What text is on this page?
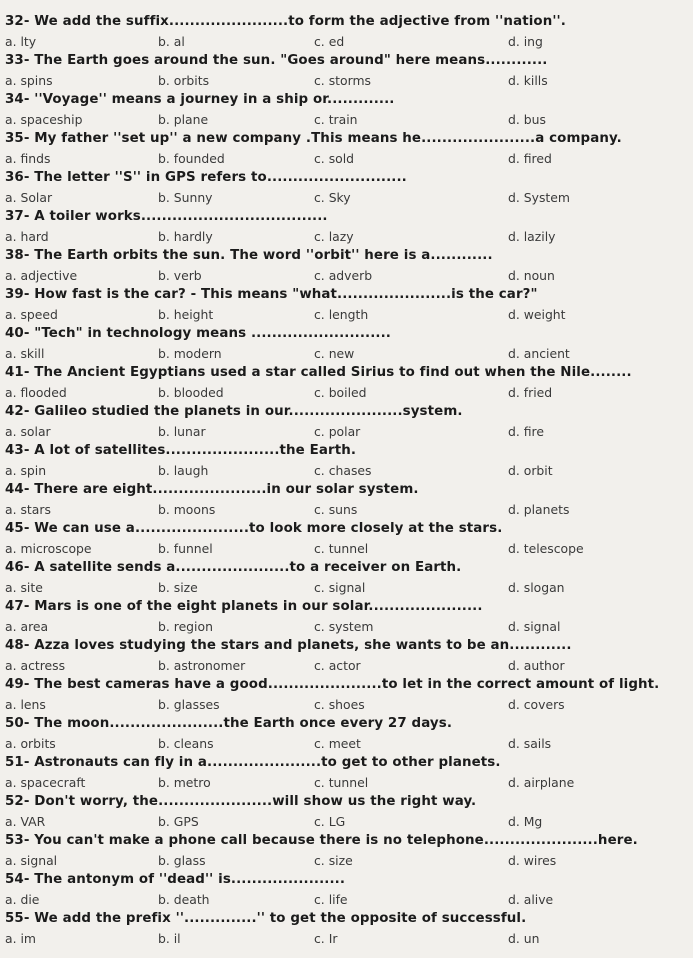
32- We add the suffix.......................to form the adjective from ''nation''.
a. lty	b. al	c. ed	d. ing
33- The Earth goes around the sun. "Goes around" here means............
a. spins	b. orbits	c. storms	d. kills
34- ''Voyage'' means a journey in a ship or.............
a. spaceship	b. plane	c. train	d. bus
35- My father ''set up'' a new company .This means he......................a company.
a. finds	b. founded	c. sold	d. fired
36- The letter ''S'' in GPS refers to...........................
a. Solar	b. Sunny	c. Sky	d. System
37- A toiler works....................................
a. hard	b. hardly	c. lazy	d. lazily
38- The Earth orbits the sun. The word ''orbit'' here is a............
a. adjective	b. verb	c. adverb	d. noun
39- How fast is the car? - This means "what......................is the car?"
a. speed	b. height	c. length	d. weight
40- "Tech" in technology means ...........................
a. skill	b. modern	c. new	d. ancient
41- The Ancient Egyptians used a star called Sirius to find out when the Nile........
a. flooded	b. blooded	c. boiled	d. fried
42- Galileo studied the planets in our......................system.
a. solar	b. lunar	c. polar	d. fire
43- A lot of satellites......................the Earth.
a. spin	b. laugh	c. chases	d. orbit
44- There are eight......................in our solar system.
a. stars	b. moons	c. suns	d. planets
45- We can use a......................to look more closely at the stars.
a. microscope	b. funnel	c. tunnel	d. telescope
46- A satellite sends a......................to a receiver on Earth.
a. site	b. size	c. signal	d. slogan
47- Mars is one of the eight planets in our solar......................
a. area	b. region	c. system	d. signal
48- Azza loves studying the stars and planets, she wants to be an............
a. actress	b. astronomer	c. actor	d. author
49- The best cameras have a good......................to let in the correct amount of light.
a. lens	b. glasses	c. shoes	d. covers
50- The moon......................the Earth once every 27 days.
a. orbits	b. cleans	c. meet	d. sails
51- Astronauts can fly in a......................to get to other planets.
a. spacecraft	b. metro	c. tunnel	d. airplane
52- Don't worry, the......................will show us the right way.
a. VAR	b. GPS	c. LG	d. Mg
53- You can't make a phone call because there is no telephone......................here.
a. signal	b. glass	c. size	d. wires
54- The antonym of ''dead'' is......................
a. die	b. death	c. life	d. alive
55- We add the prefix ''..............'' to get the opposite of successful.
a. im	b. il	c. Ir	d. un
